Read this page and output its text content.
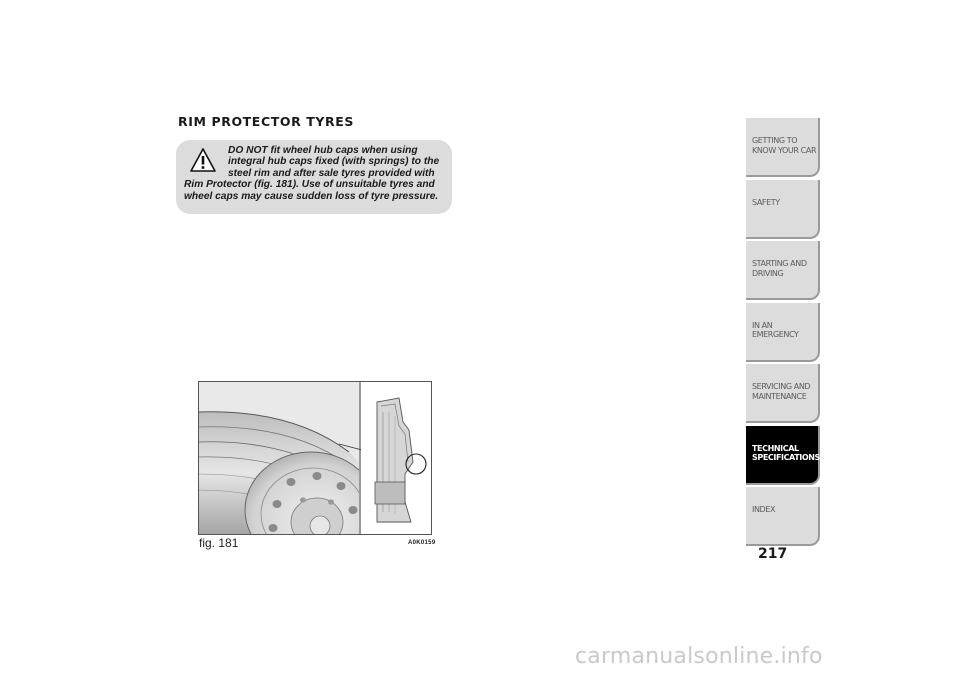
RIM PROTECTOR TYRES

DO NOT fit wheel hub caps when using integral hub caps fixed (with springs) to the steel rim and after sale tyres provided with Rim Protector (fig. 181). Use of unsuitable tyres and wheel caps may cause sudden loss of tyre pressure.

fig. 181	A0K0159
GETTING TO KNOW YOUR CAR
SAFETY
STARTING AND DRIVING
IN AN EMERGENCY
SERVICING AND MAINTENANCE
TECHNICAL SPECIFICATIONS
INDEX
217
carmanualsonline.info
